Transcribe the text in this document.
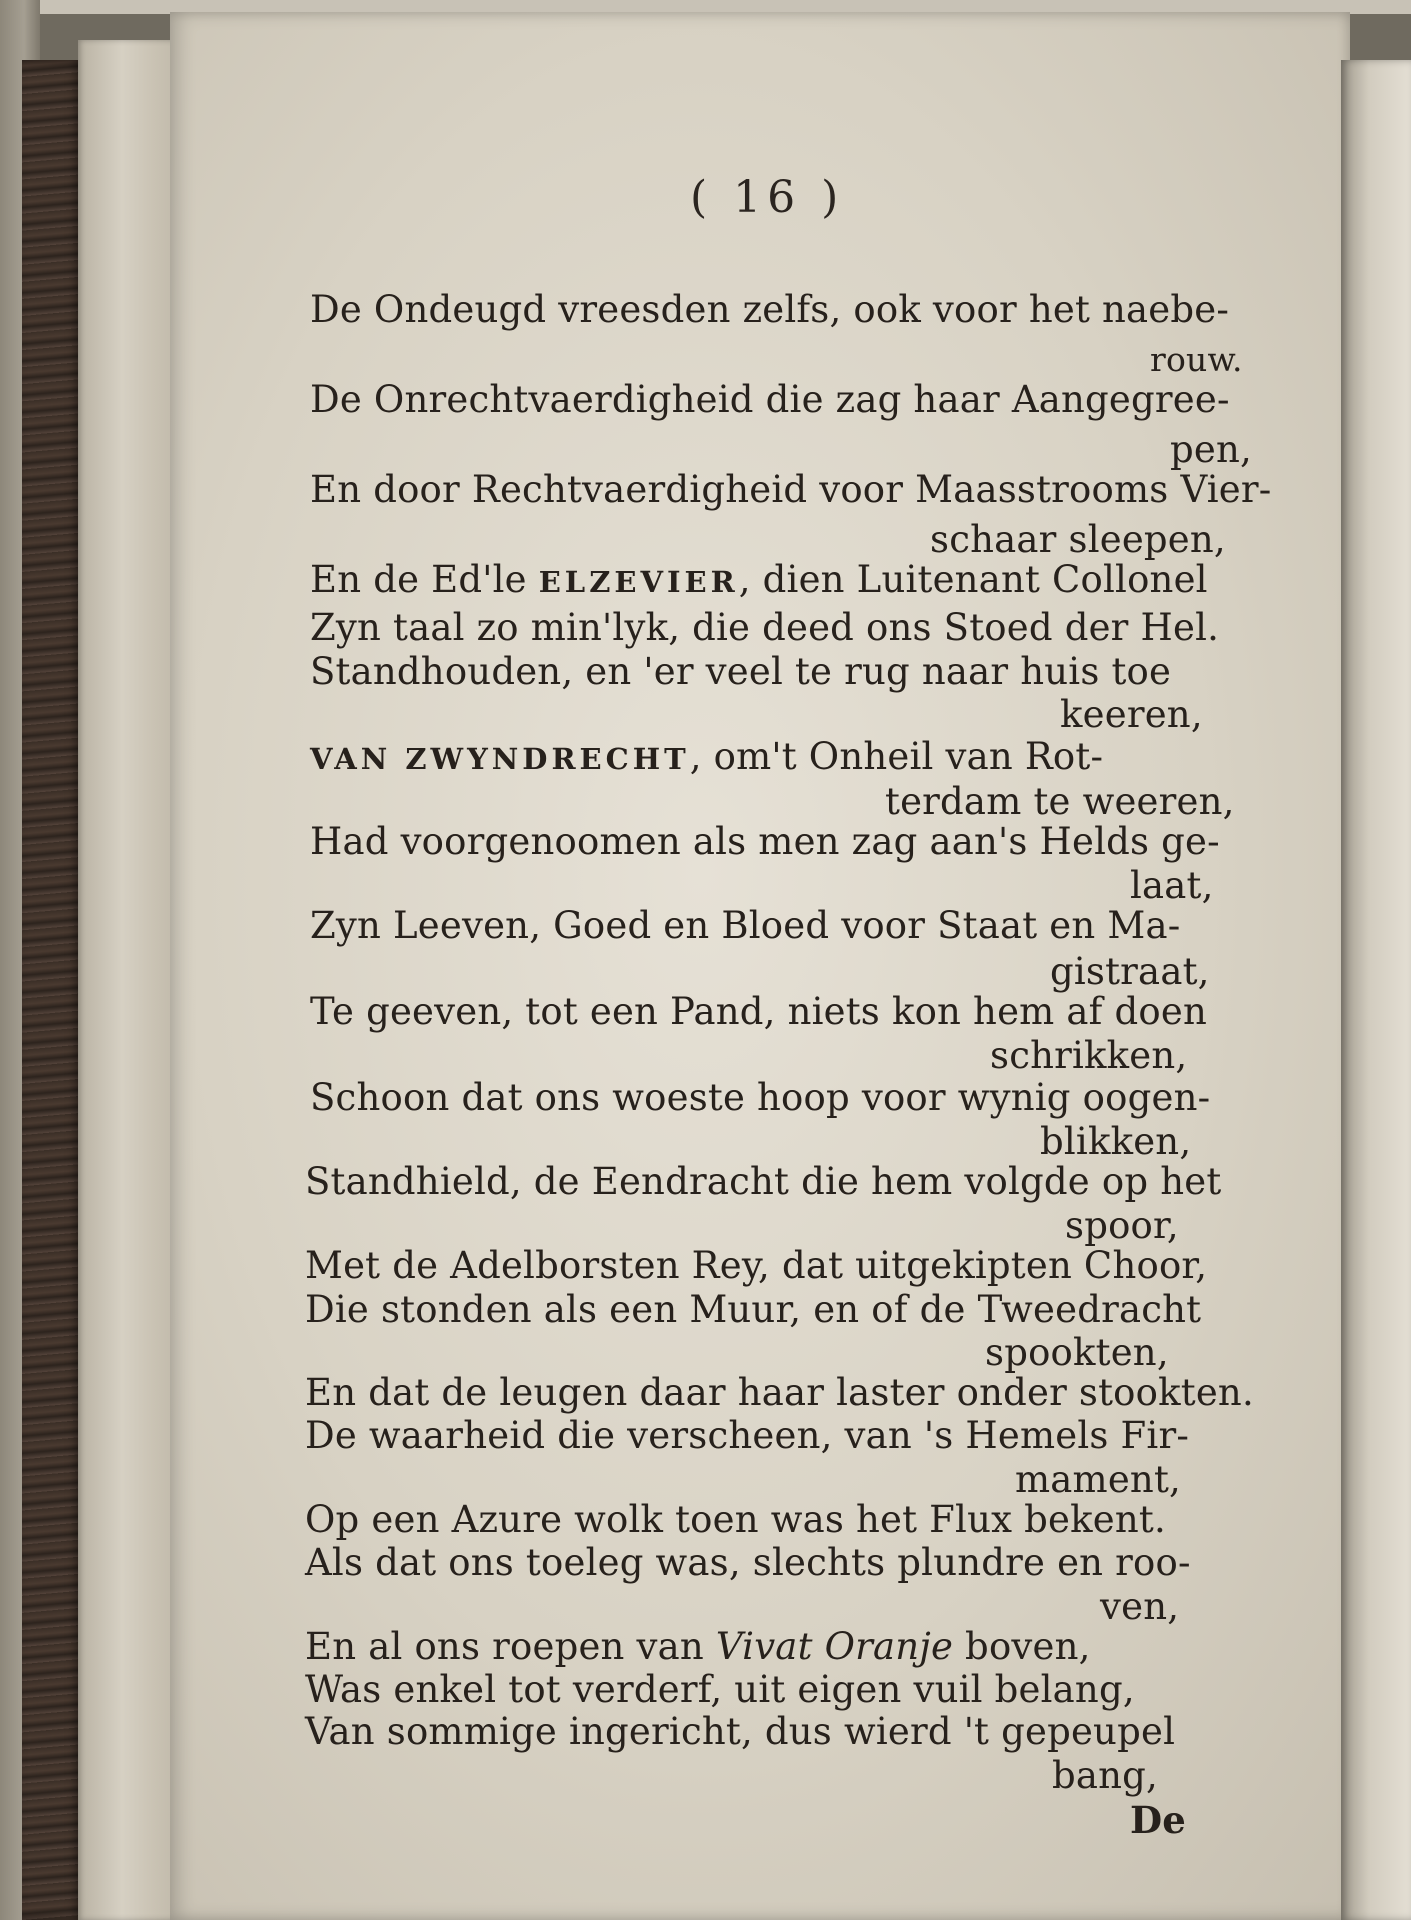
( 16 )
De Ondeugd vreesden zelfs, ook voor het naebe-
rouw.
De Onrechtvaerdigheid die zag haar Aangegree-
pen,
En door Rechtvaerdigheid voor Maasstrooms Vier-
schaar sleepen,
En de Ed'le ELZEVIER, dien Luitenant Collonel
Zyn taal zo min'lyk, die deed ons Stoed der Hel.
Standhouden, en 'er veel te rug naar huis toe
keeren,
VAN ZWYNDRECHT, om't Onheil van Rot-
terdam te weeren,
Had voorgenoomen als men zag aan's Helds ge-
laat,
Zyn Leeven, Goed en Bloed voor Staat en Ma-
gistraat,
Te geeven, tot een Pand, niets kon hem af doen
schrikken,
Schoon dat ons woeste hoop voor wynig oogen-
blikken,
Standhield, de Eendracht die hem volgde op het
spoor,
Met de Adelborsten Rey, dat uitgekipten Choor,
Die stonden als een Muur, en of de Tweedracht
spookten,
En dat de leugen daar haar laster onder stookten.
De waarheid die verscheen, van 's Hemels Fir-
mament,
Op een Azure wolk toen was het Flux bekent.
Als dat ons toeleg was, slechts plundre en roo-
ven,
En al ons roepen van Vivat Oranje boven,
Was enkel tot verderf, uit eigen vuil belang,
Van sommige ingericht, dus wierd 't gepeupel
bang,
De
